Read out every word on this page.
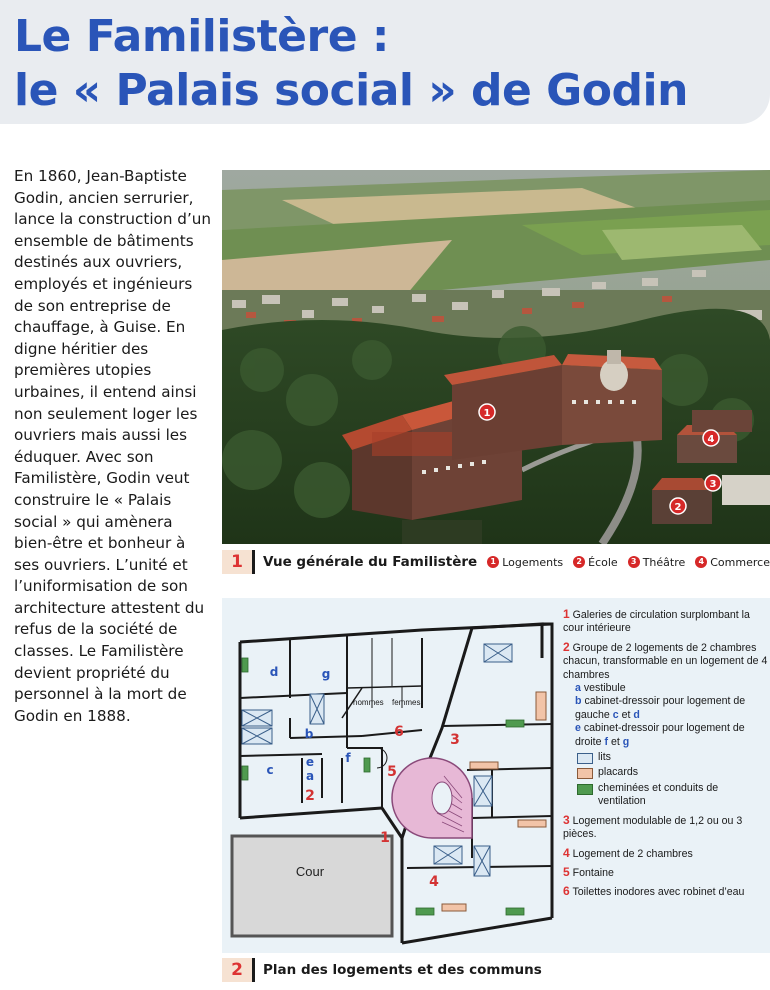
Le Familistère :
le « Palais social » de Godin
En 1860, Jean-Baptiste Godin, ancien serrurier, lance la construction d’un ensemble de bâtiments destinés aux ouvriers, employés et ingénieurs de son entreprise de chauffage, à Guise. En digne héritier des premières utopies urbaines, il entend ainsi non seulement loger les ouvriers mais aussi les éduquer. Avec son Familistère, Godin veut construire le « Palais social » qui amènera bien-être et bonheur à ses ouvriers. L’unité et l’uniformisation de son architecture attestent du refus de la société de classes. Le Familistère devient propriété du personnel à la mort de Godin en 1888.
1
4
3
2
1	Vue générale du Familistère	1 Logements	2 École	3 Théâtre	4 Commerce
Cour
d	g
b
e
a
c
f
2
1
3
4
5
6
hommes femmes
1 Galeries de circulation surplombant la cour intérieure
2 Groupe de 2 logements de 2 chambres chacun, transformable en un logement de 4 chambres
a vestibule
b cabinet-dressoir pour logement de gauche c et d
e cabinet-dressoir pour logement de droite f et g
lits
placards
cheminées et conduits de ventilation
3 Logement modulable de 1,2 ou ou 3 pièces.
4 Logement de 2 chambres
5 Fontaine
6 Toilettes inodores avec robinet d’eau
2	Plan des logements et des communs
